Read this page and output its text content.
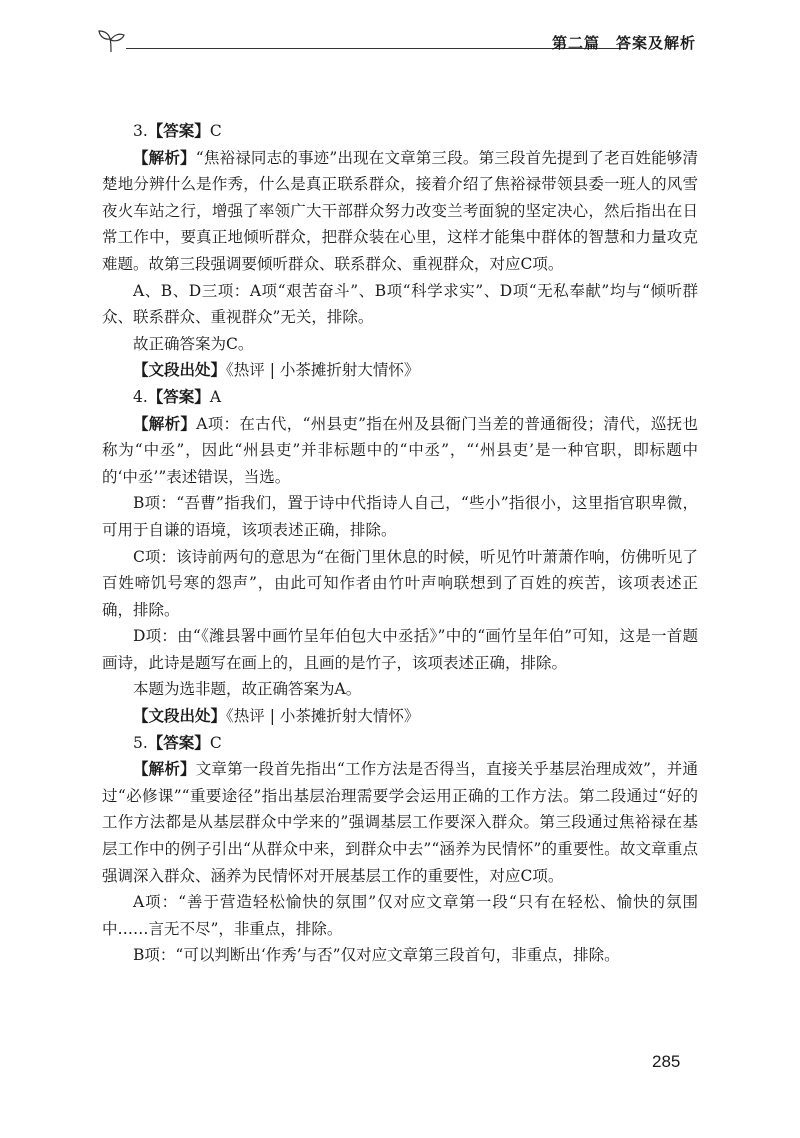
第二篇　答案及解析

3.【答案】C

【解析】“焦裕禄同志的事迹”出现在文章第三段。第三段首先提到了老百姓能够清楚地分辨什么是作秀，什么是真正联系群众，接着介绍了焦裕禄带领县委一班人的风雪夜火车站之行，增强了率领广大干部群众努力改变兰考面貌的坚定决心，然后指出在日常工作中，要真正地倾听群众，把群众装在心里，这样才能集中群体的智慧和力量攻克难题。故第三段强调要倾听群众、联系群众、重视群众，对应C项。

A、B、D三项：A项“艰苦奋斗”、B项“科学求实”、D项“无私奉献”均与“倾听群众、联系群众、重视群众”无关，排除。

故正确答案为C。

【文段出处】《热评 | 小茶摊折射大情怀》

4.【答案】A

【解析】A项：在古代，“州县吏”指在州及县衙门当差的普通衙役；清代，巡抚也称为“中丞”，因此“州县吏”并非标题中的“中丞”，“‘州县吏’是一种官职，即标题中的‘中丞’”表述错误，当选。

B项：“吾曹”指我们，置于诗中代指诗人自己，“些小”指很小，这里指官职卑微，可用于自谦的语境，该项表述正确，排除。

C项：该诗前两句的意思为“在衙门里休息的时候，听见竹叶萧萧作响，仿佛听见了百姓啼饥号寒的怨声”，由此可知作者由竹叶声响联想到了百姓的疾苦，该项表述正确，排除。

D项：由“《潍县署中画竹呈年伯包大中丞括》”中的“画竹呈年伯”可知，这是一首题画诗，此诗是题写在画上的，且画的是竹子，该项表述正确，排除。

本题为选非题，故正确答案为A。

【文段出处】《热评 | 小茶摊折射大情怀》

5.【答案】C

【解析】文章第一段首先指出“工作方法是否得当，直接关乎基层治理成效”，并通过“必修课”“重要途径”指出基层治理需要学会运用正确的工作方法。第二段通过“好的工作方法都是从基层群众中学来的”强调基层工作要深入群众。第三段通过焦裕禄在基层工作中的例子引出“从群众中来，到群众中去”“涵养为民情怀”的重要性。故文章重点强调深入群众、涵养为民情怀对开展基层工作的重要性，对应C项。

A项：“善于营造轻松愉快的氛围”仅对应文章第一段“只有在轻松、愉快的氛围中……言无不尽”，非重点，排除。

B项：“可以判断出‘作秀’与否”仅对应文章第三段首句，非重点，排除。

285
